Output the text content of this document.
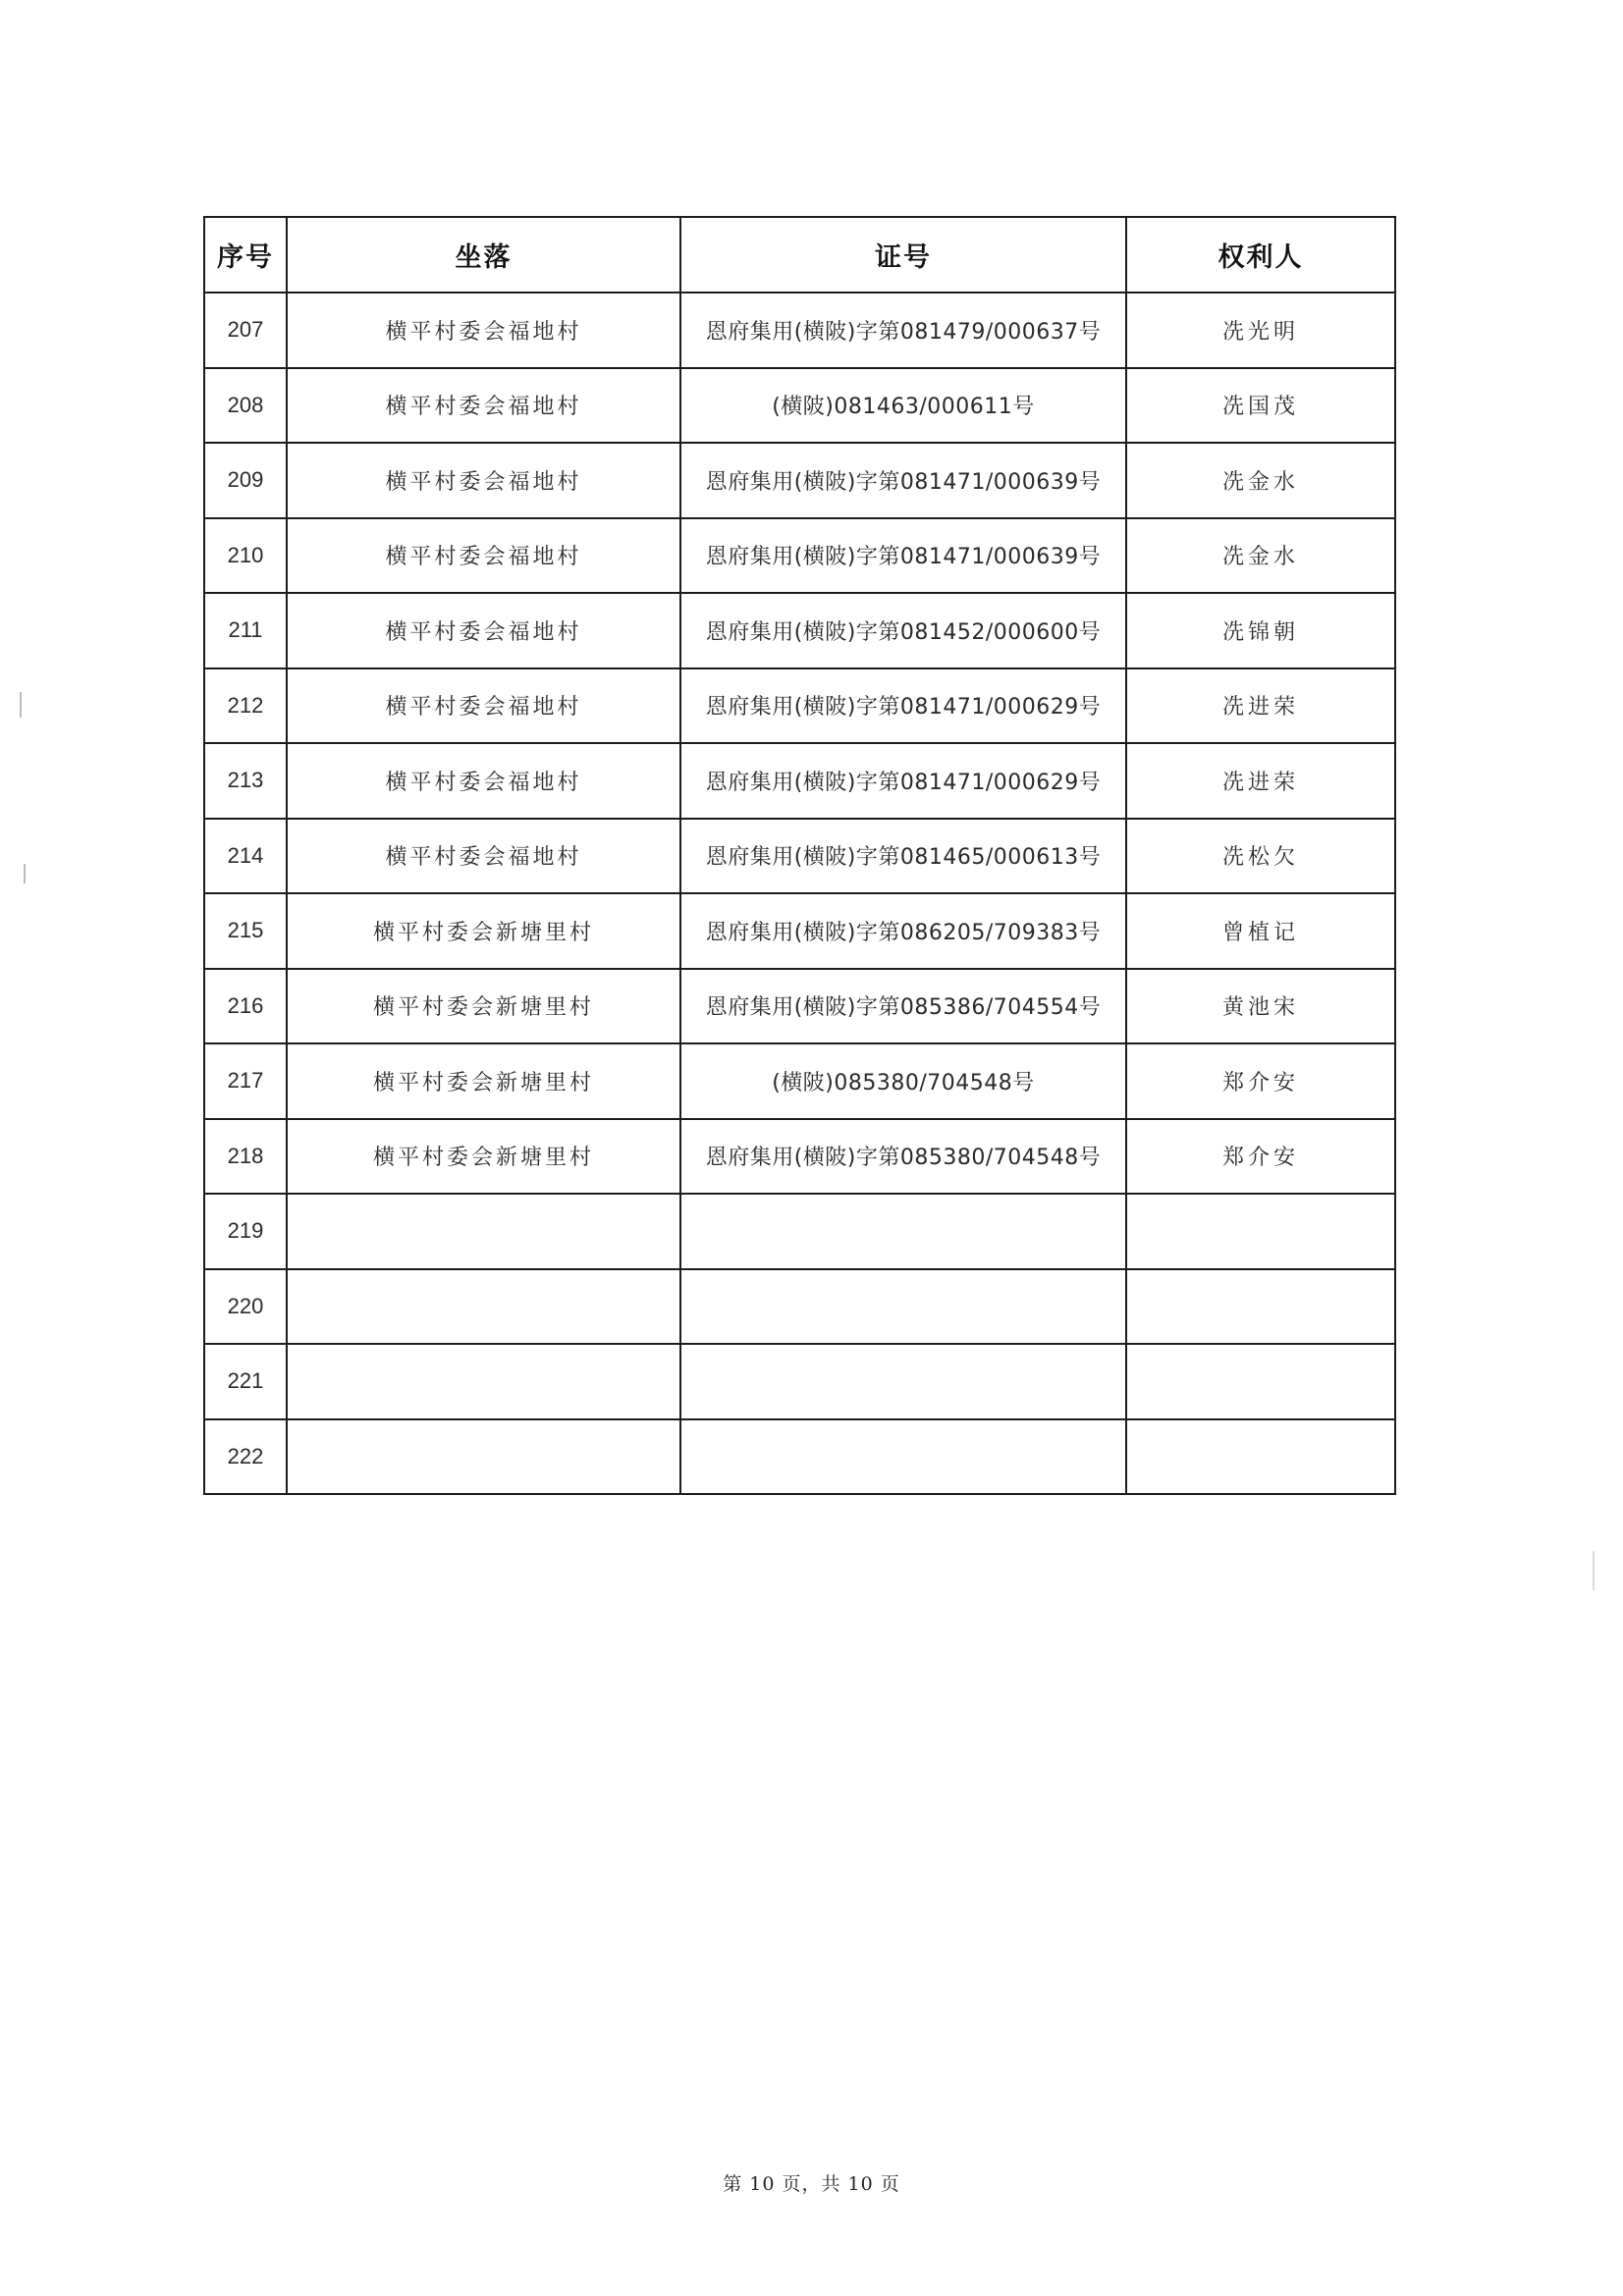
序号	坐落	证号	权利人
207	横平村委会福地村	恩府集用(横陂)字第081479/000637号	冼光明
208	横平村委会福地村	(横陂)081463/000611号	冼国茂
209	横平村委会福地村	恩府集用(横陂)字第081471/000639号	冼金水
210	横平村委会福地村	恩府集用(横陂)字第081471/000639号	冼金水
211	横平村委会福地村	恩府集用(横陂)字第081452/000600号	冼锦朝
212	横平村委会福地村	恩府集用(横陂)字第081471/000629号	冼进荣
213	横平村委会福地村	恩府集用(横陂)字第081471/000629号	冼进荣
214	横平村委会福地村	恩府集用(横陂)字第081465/000613号	冼松欠
215	横平村委会新塘里村	恩府集用(横陂)字第086205/709383号	曾植记
216	横平村委会新塘里村	恩府集用(横陂)字第085386/704554号	黄池宋
217	横平村委会新塘里村	(横陂)085380/704548号	郑介安
218	横平村委会新塘里村	恩府集用(横陂)字第085380/704548号	郑介安
219			
220			
221			
222			
第 10 页，共 10 页
